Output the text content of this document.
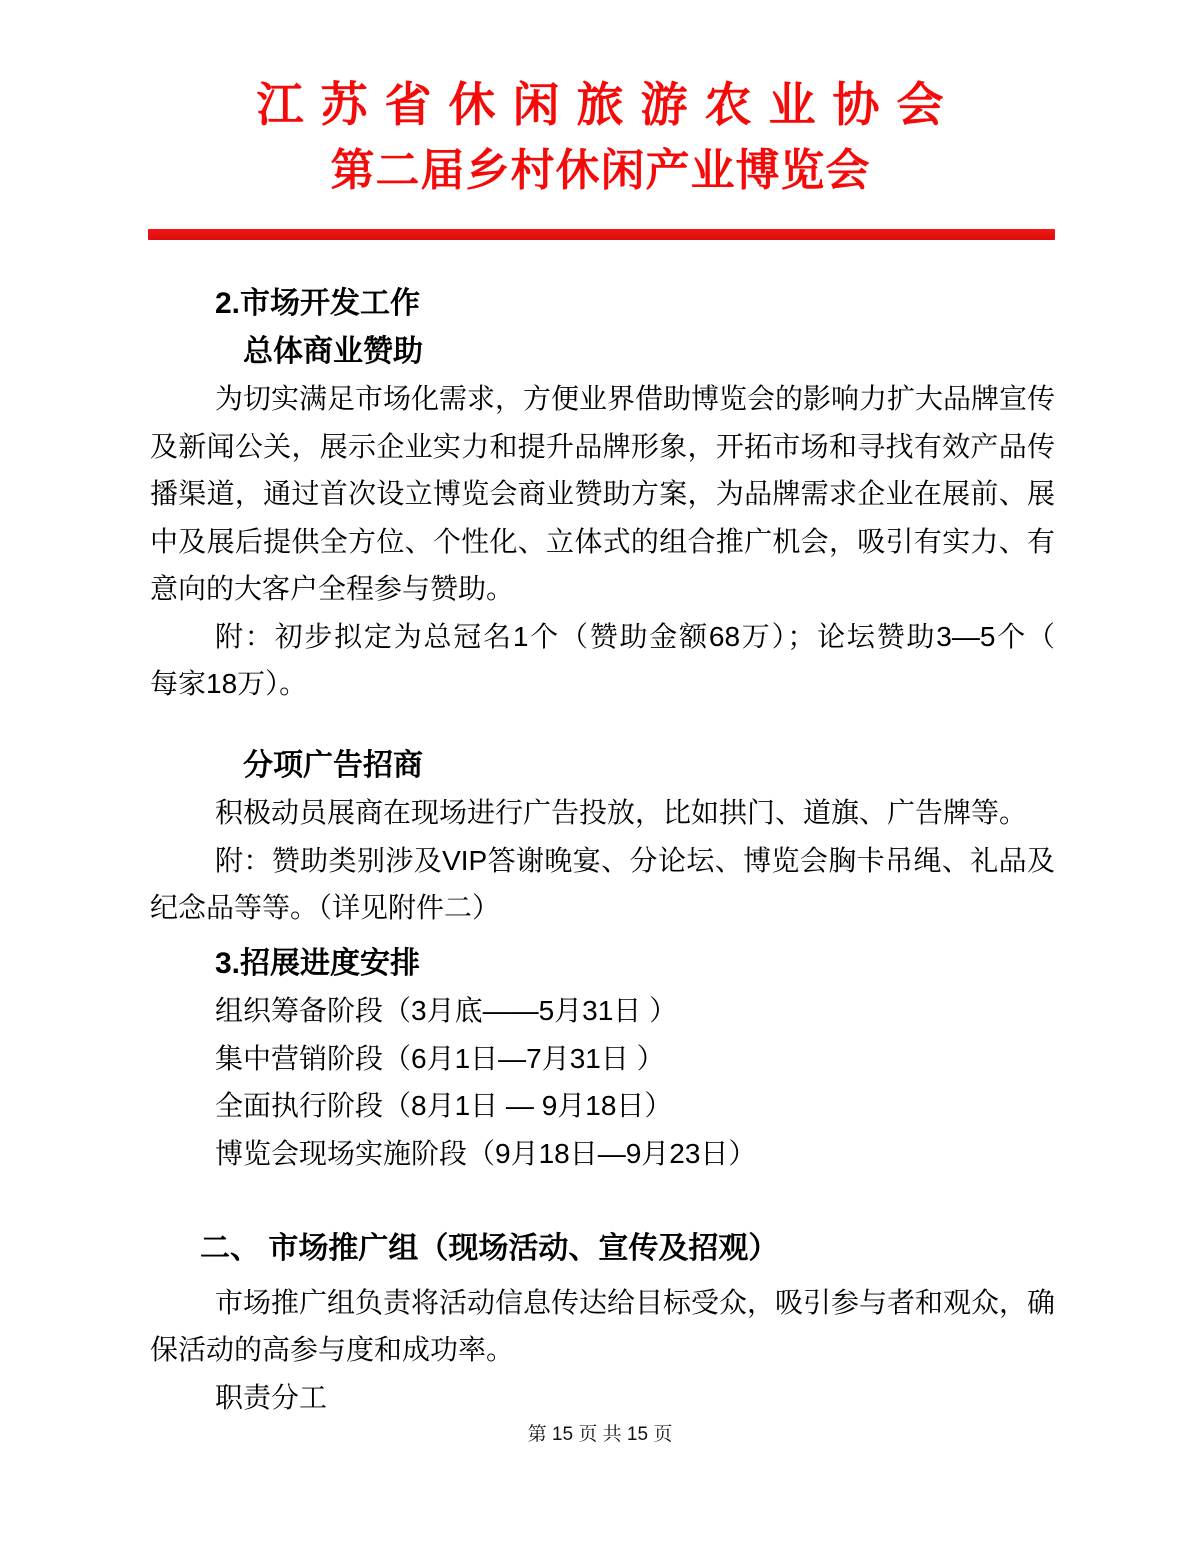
江苏省休闲旅游农业协会
第二届乡村休闲产业博览会
2.市场开发工作
总体商业赞助
为切实满足市场化需求，方便业界借助博览会的影响力扩大品牌宣传
及新闻公关，展示企业实力和提升品牌形象，开拓市场和寻找有效产品传
播渠道，通过首次设立博览会商业赞助方案，为品牌需求企业在展前、展
中及展后提供全方位、个性化、立体式的组合推广机会，吸引有实力、有
意向的大客户全程参与赞助。
附：初步拟定为总冠名1个（赞助金额68万）；论坛赞助3—5个（
每家18万）。
分项广告招商
积极动员展商在现场进行广告投放，比如拱门、道旗、广告牌等。
附：赞助类别涉及VIP答谢晚宴、分论坛、博览会胸卡吊绳、礼品及
纪念品等等。（详见附件二）
3.招展进度安排
组织筹备阶段（3月底——5月31日 ）
集中营销阶段（6月1日—7月31日 ）
全面执行阶段（8月1日 — 9月18日）
博览会现场实施阶段（9月18日—9月23日）
二、 市场推广组（现场活动、宣传及招观）
市场推广组负责将活动信息传达给目标受众，吸引参与者和观众，确
保活动的高参与度和成功率。
职责分工
第 15 页 共 15 页
